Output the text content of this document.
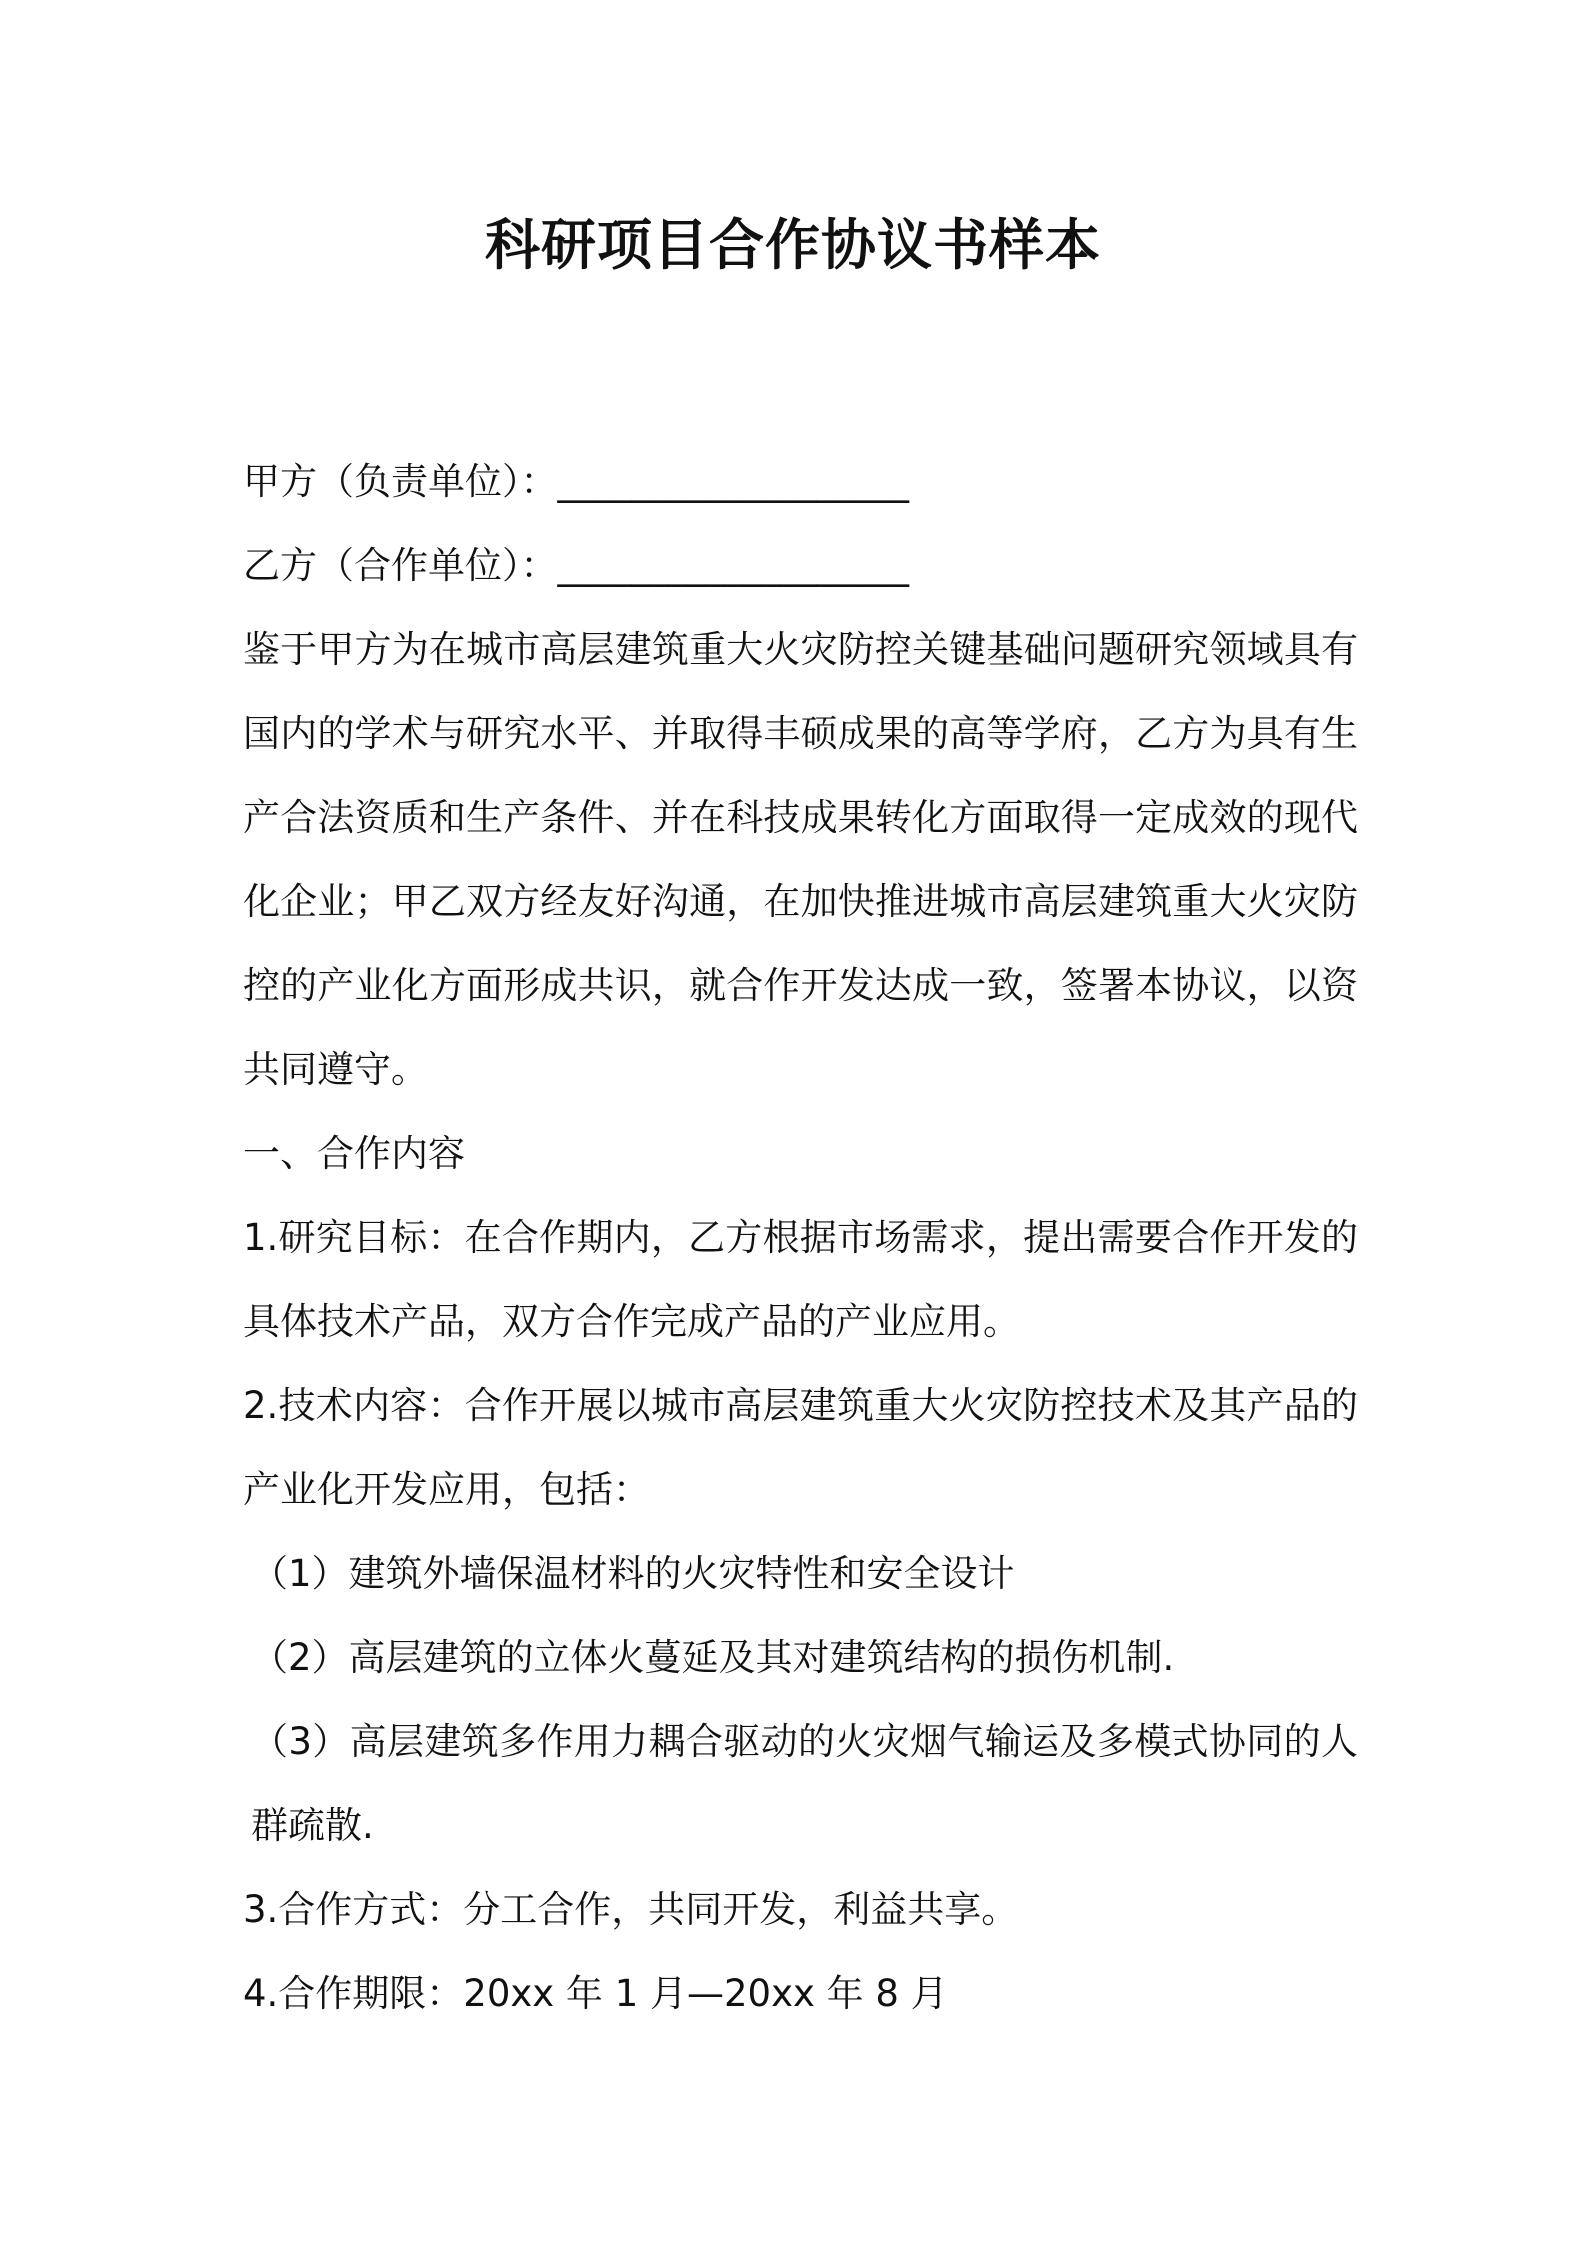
科研项目合作协议书样本
甲方（负责单位）：___________________
乙方（合作单位）：___________________
鉴于甲方为在城市高层建筑重大火灾防控关键基础问题研究领域具有国内的学术与研究水平、并取得丰硕成果的高等学府，乙方为具有生产合法资质和生产条件、并在科技成果转化方面取得一定成效的现代化企业；甲乙双方经友好沟通，在加快推进城市高层建筑重大火灾防控的产业化方面形成共识，就合作开发达成一致，签署本协议，以资共同遵守。
一、合作内容
1.研究目标：在合作期内，乙方根据市场需求，提出需要合作开发的具体技术产品，双方合作完成产品的产业应用。
2.技术内容：合作开展以城市高层建筑重大火灾防控技术及其产品的产业化开发应用，包括：
（1）建筑外墙保温材料的火灾特性和安全设计
（2）高层建筑的立体火蔓延及其对建筑结构的损伤机制.
（3）高层建筑多作用力耦合驱动的火灾烟气输运及多模式协同的人群疏散.
3.合作方式：分工合作，共同开发，利益共享。
4.合作期限：20xx 年 1 月—20xx 年 8 月
